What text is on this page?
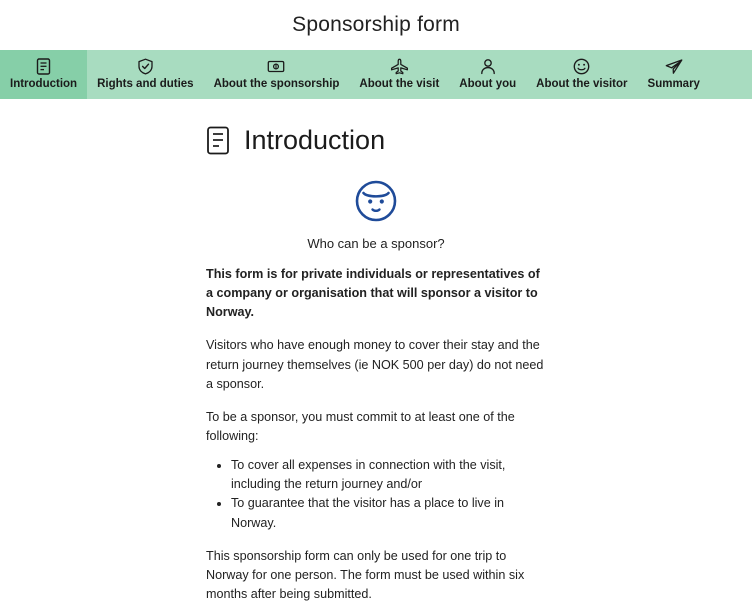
Sponsorship form
Introduction Rights and duties About the sponsorship About the visit About you About the visitor Summary
Introduction
Who can be a sponsor?

This form is for private individuals or representatives of a company or organisation that will sponsor a visitor to Norway.

Visitors who have enough money to cover their stay and the return journey themselves (ie NOK 500 per day) do not need a sponsor.

To be a sponsor, you must commit to at least one of the following:

• To cover all expenses in connection with the visit, including the return journey and/or
• To guarantee that the visitor has a place to live in Norway.

This sponsorship form can only be used for one trip to Norway for one person. The form must be used within six months after being submitted.
